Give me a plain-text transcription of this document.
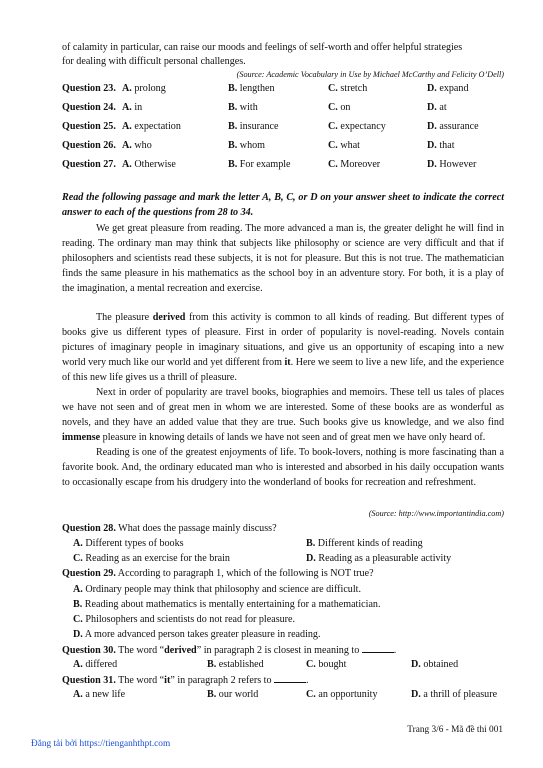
of calamity in particular, can raise our moods and feelings of self-worth and offer helpful strategies
for dealing with difficult personal challenges.
(Source: Academic Vocabulary in Use by Michael McCarthy and Felicity O’Dell)
Question 23. A. prolong	B. lengthen	C. stretch	D. expand
Question 24. A. in	B. with	C. on	D. at
Question 25. A. expectation	B. insurance	C. expectancy	D. assurance
Question 26. A. who	B. whom	C. what	D. that
Question 27. A. Otherwise	B. For example	C. Moreover	D. However
Read the following passage and mark the letter A, B, C, or D on your answer sheet to indicate the correct answer to each of the questions from 28 to 34.
We get great pleasure from reading. The more advanced a man is, the greater delight he will find in reading. The ordinary man may think that subjects like philosophy or science are very difficult and that if philosophers and scientists read these subjects, it is not for pleasure. But this is not true. The mathematician finds the same pleasure in his mathematics as the school boy in an adventure story. For both, it is a play of the imagination, a mental recreation and exercise.
The pleasure derived from this activity is common to all kinds of reading. But different types of books give us different types of pleasure. First in order of popularity is novel-reading. Novels contain pictures of imaginary people in imaginary situations, and give us an opportunity of escaping into a new world very much like our world and yet different from it. Here we seem to live a new life, and the experience of this new life gives us a thrill of pleasure.
Next in order of popularity are travel books, biographies and memoirs. These tell us tales of places we have not seen and of great men in whom we are interested. Some of these books are as wonderful as novels, and they have an added value that they are true. Such books give us knowledge, and we also find immense pleasure in knowing details of lands we have not seen and of great men we have only heard of.
Reading is one of the greatest enjoyments of life. To book-lovers, nothing is more fascinating than a favorite book. And, the ordinary educated man who is interested and absorbed in his daily occupation wants to occasionally escape from his drudgery into the wonderland of books for recreation and refreshment.
(Source: http://www.importantindia.com)
Question 28. What does the passage mainly discuss?
A. Different types of books	B. Different kinds of reading
C. Reading as an exercise for the brain	D. Reading as a pleasurable activity
Question 29. According to paragraph 1, which of the following is NOT true?
A. Ordinary people may think that philosophy and science are difficult.
B. Reading about mathematics is mentally entertaining for a mathematician.
C. Philosophers and scientists do not read for pleasure.
D. A more advanced person takes greater pleasure in reading.
Question 30. The word “derived” in paragraph 2 is closest in meaning to	.
A. differed	B. established	C. bought	D. obtained
Question 31. The word “it” in paragraph 2 refers to	.
A. a new life	B. our world	C. an opportunity	D. a thrill of pleasure
Trang 3/6 - Mã đề thi 001
Đăng tải bởi https://tienganhthpt.com
